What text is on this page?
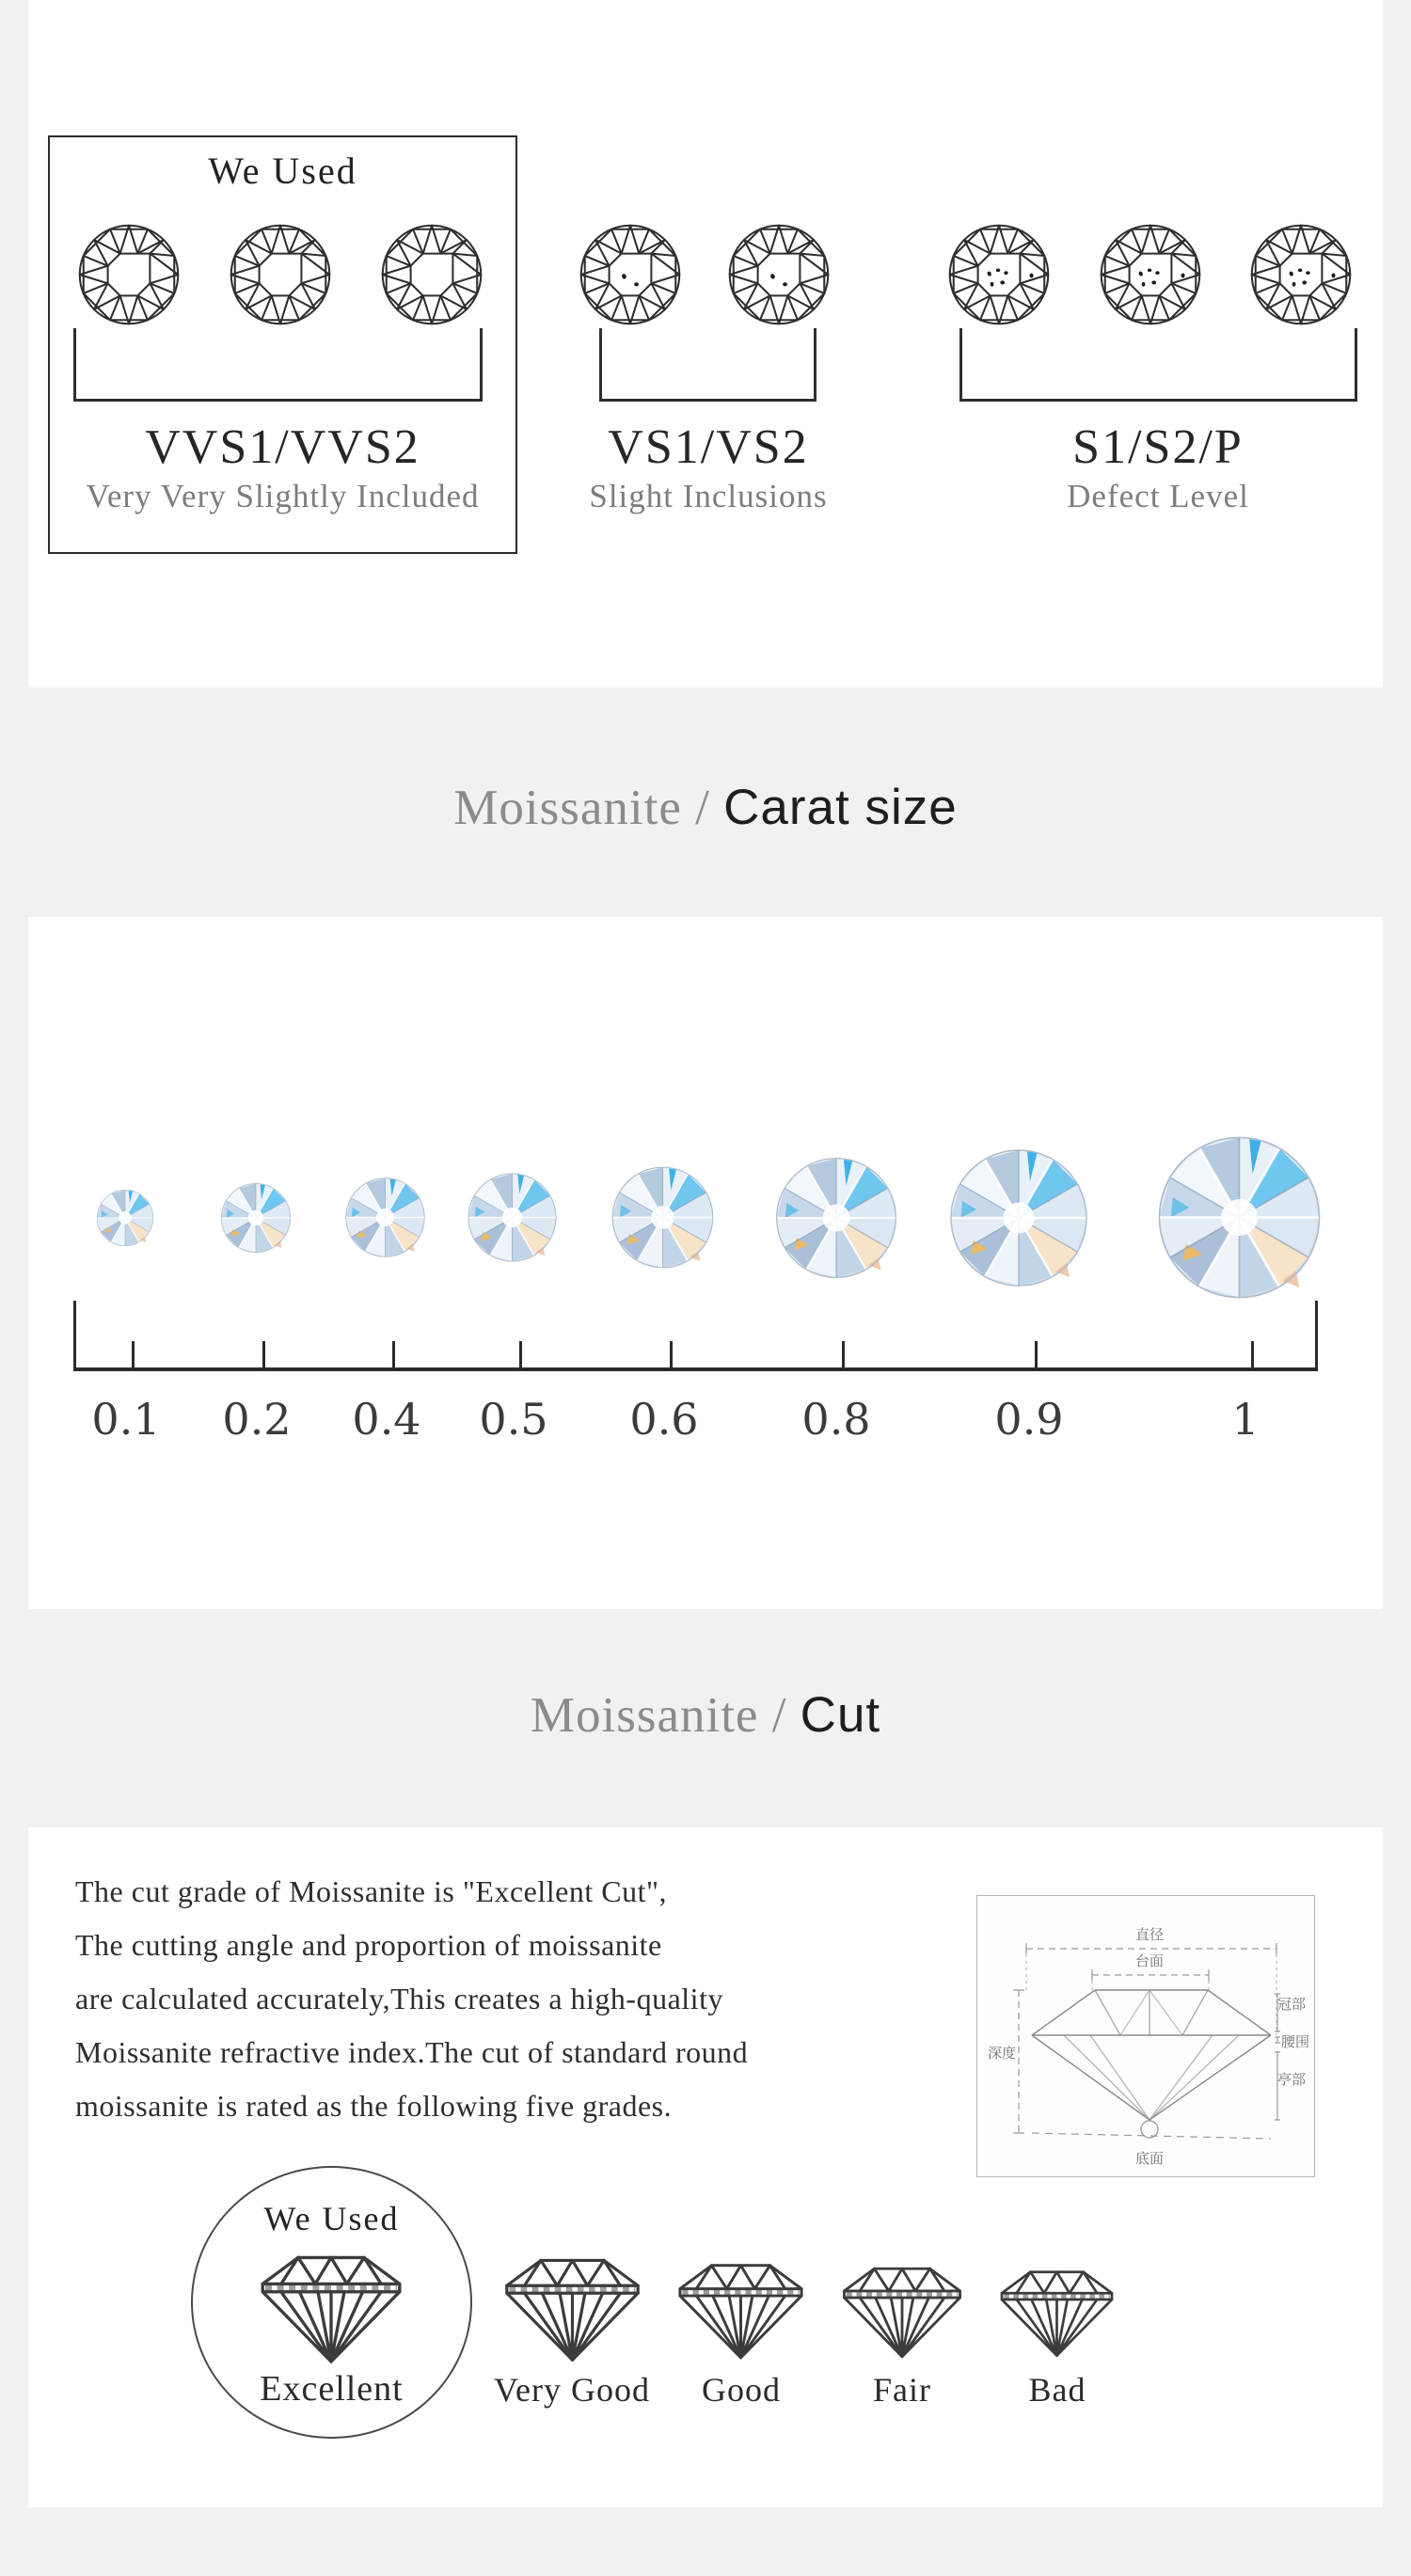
We Used
VVS1/VVS2
Very Very Slightly Included
VS1/VS2
Slight Inclusions
S1/S2/P
Defect Level
Moissanite / Carat size
0.1	0.2	0.4	0.5	0.6	0.8	0.9	1
Moissanite / Cut
The cut grade of Moissanite is "Excellent Cut",
The cutting angle and proportion of moissanite
are calculated accurately,This creates a high-quality
Moissanite refractive index.The cut of standard round
moissanite is rated as the following five grades.
直径
台面
深度
冠部
腰围
亭部
底面
We Used
Excellent	Very Good	Good	Fair	Bad
